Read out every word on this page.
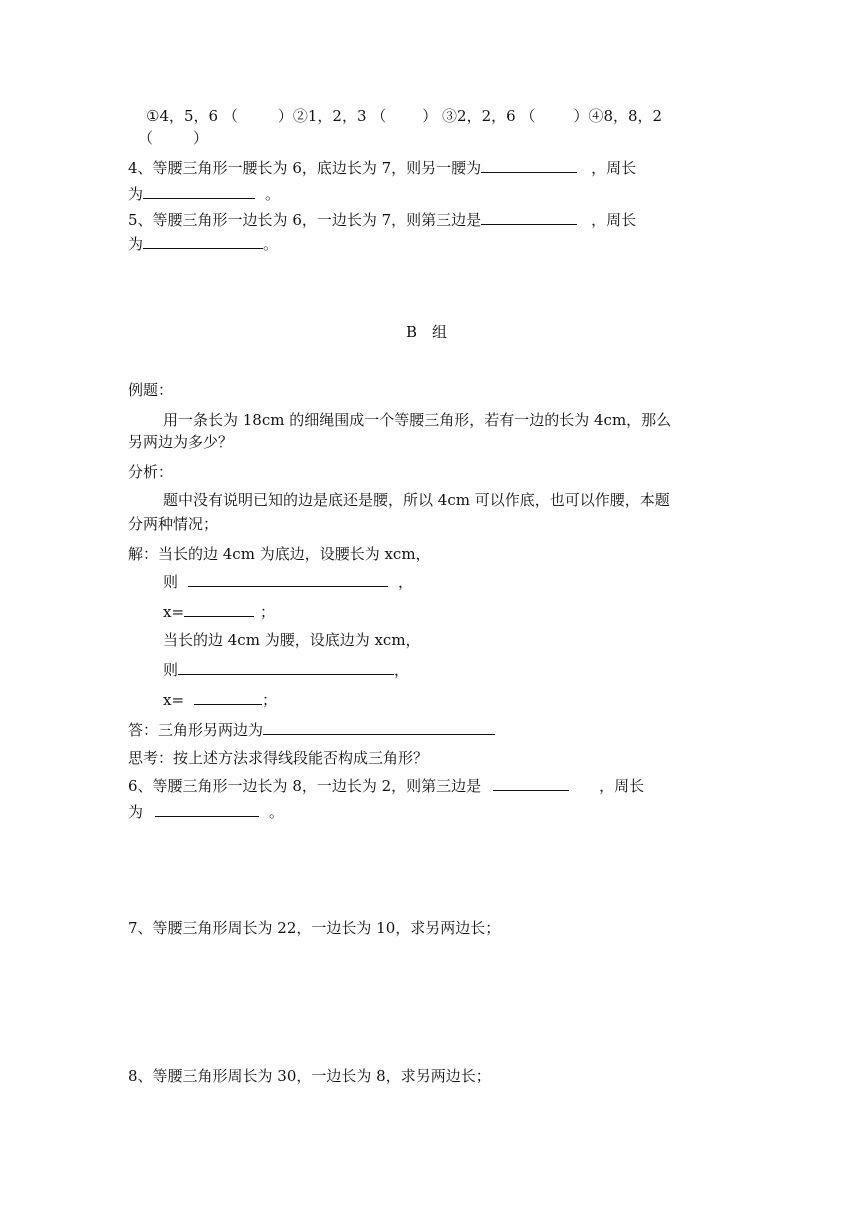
①4，5，6 （	）②1，2，3 （ ） ③2，2，6 （	）④8，8，2
（	）
4、等腰三角形一腰长为 6，底边长为 7，则另一腰为	，周长
为	。
5、等腰三角形一边长为 6，一边长为 7，则第三边是	，周长
为	。
B　组
例题：
用一条长为 18cm 的细绳围成一个等腰三角形，若有一边的长为 4cm，那么
另两边为多少？
分析：
题中没有说明已知的边是底还是腰，所以 4cm 可以作底，也可以作腰，本题
分两种情况；
解：当长的边 4cm 为底边，设腰长为 xcm，
则	，
x=	；
当长的边 4cm 为腰，设底边为 xcm，
则	，
x=	；
答：三角形另两边为
思考：按上述方法求得线段能否构成三角形？
6、等腰三角形一边长为 8，一边长为 2，则第三边是	，周长
为	。
7、等腰三角形周长为 22，一边长为 10，求另两边长；
8、等腰三角形周长为 30，一边长为 8，求另两边长；
